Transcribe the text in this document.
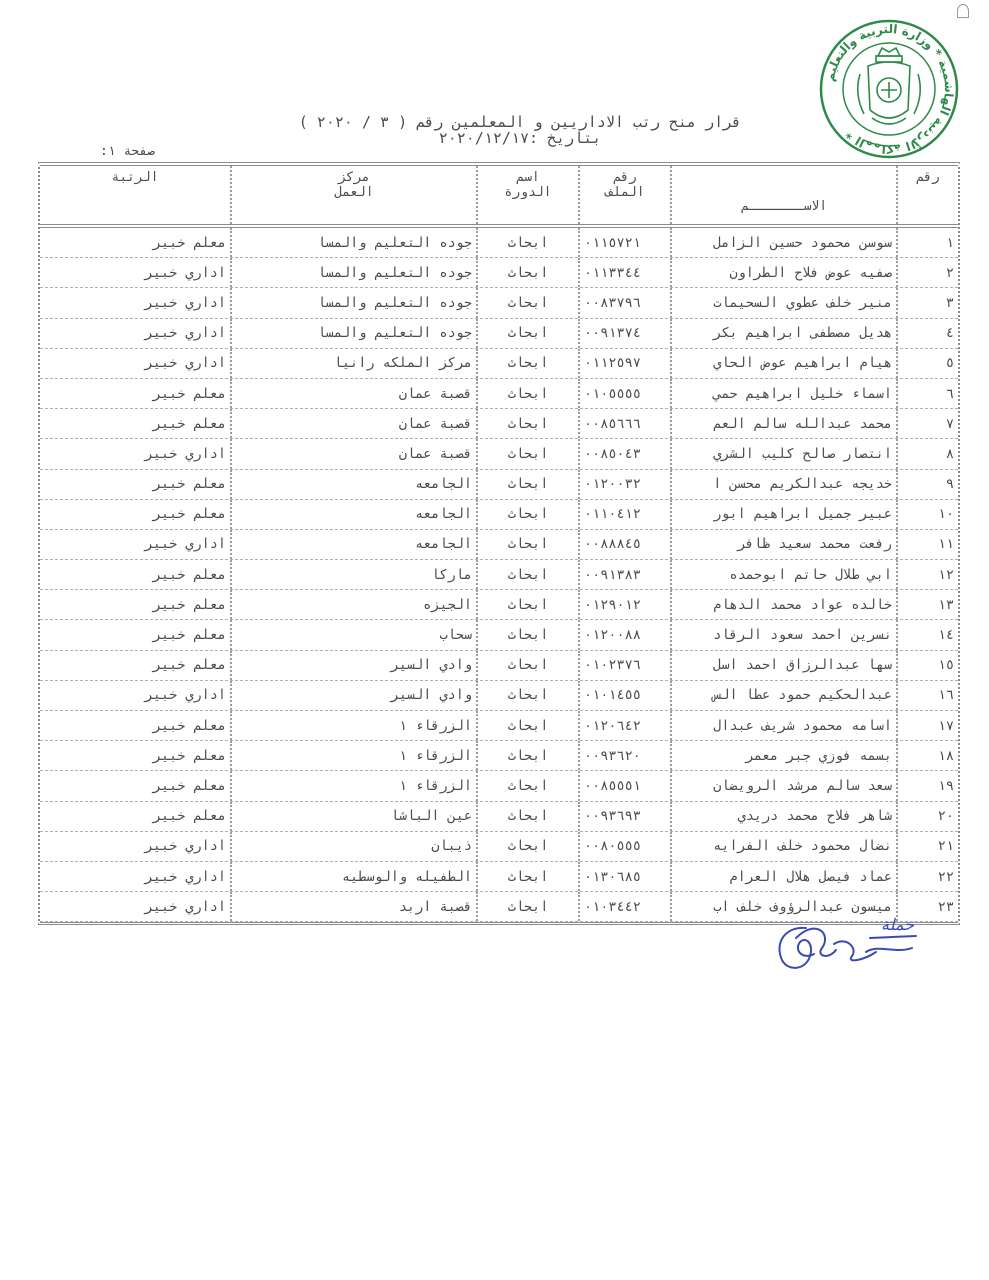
المملكة الأردنية الهاشمية * وزارة التربية والتعليم *
قرار منح رتب الاداريين و المعلمين رقم ( ٣ / ٢٠٢٠ )
بتاريخ :٢٠٢٠/١٢/١٧
صفحة ١:
رقم
الاســـــــم
رقم
الملف
اسم
الدورة
مركز
العمل
الرتبة
١
سوسن محمود حسين الزامل
٠١١٥٧٢١
ابحاث
جوده التعليم والمسا
معلم خبير
٢
صفيه عوض فلاح الطراون
٠١١٣٣٤٤
ابحاث
جوده التعليم والمسا
اداري خبير
٣
منير خلف عطوي السحيمات
٠٠٨٣٧٩٦
ابحاث
جوده التعليم والمسا
اداري خبير
٤
هديل مصطفى ابراهيم بكر
٠٠٩١٣٧٤
ابحاث
جوده التعليم والمسا
اداري خبير
٥
هيام ابراهيم عوض الحاي
٠١١٢٥٩٧
ابحاث
مركز الملكه رانيا
اداري خبير
٦
اسماء خليل ابراهيم حمي
٠١٠٥٥٥٥
ابحاث
قصبة عمان
معلم خبير
٧
محمد عبدالله سالم العم
٠٠٨٥٦٦٦
ابحاث
قصبة عمان
معلم خبير
٨
انتصار صالح كليب الشري
٠٠٨٥٠٤٣
ابحاث
قصبة عمان
اداري خبير
٩
خديجه عبدالكريم محسن ا
٠١٢٠٠٣٢
ابحاث
الجامعه
معلم خبير
١٠
عبير جميل ابراهيم ابور
٠١١٠٤١٢
ابحاث
الجامعه
معلم خبير
١١
رفعت محمد سعيد ظافر
٠٠٨٨٨٤٥
ابحاث
الجامعه
اداري خبير
١٢
ابي طلال حاتم ابوحمده
٠٠٩١٣٨٣
ابحاث
ماركا
معلم خبير
١٣
خالده عواد محمد الدهام
٠١٢٩٠١٢
ابحاث
الجيزه
معلم خبير
١٤
نسرين احمد سعود الرقاد
٠١٢٠٠٨٨
ابحاث
سحاب
معلم خبير
١٥
سها عبدالرزاق احمد اسل
٠١٠٢٣٧٦
ابحاث
وادي السير
معلم خبير
١٦
عبدالحكيم حمود عطا الس
٠١٠١٤٥٥
ابحاث
وادي السير
اداري خبير
١٧
اسامه محمود شريف عبدال
٠١٢٠٦٤٢
ابحاث
الزرقاء ١
معلم خبير
١٨
بسمه فوزي جبر معمر
٠٠٩٣٦٢٠
ابحاث
الزرقاء ١
معلم خبير
١٩
سعد سالم مرشد الرويضان
٠٠٨٥٥٥١
ابحاث
الزرقاء ١
معلم خبير
٢٠
شاهر فلاح محمد دريدي
٠٠٩٣٦٩٣
ابحاث
عين الباشا
معلم خبير
٢١
نضال محمود خلف الفرايه
٠٠٨٠٥٥٥
ابحاث
ذيبان
اداري خبير
٢٢
عماد فيصل هلال العرام
٠١٣٠٦٨٥
ابحاث
الطفيله والوسطيه
اداري خبير
٢٣
ميسون عبدالرؤوف خلف اب
٠١٠٣٤٤٢
ابحاث
قصبة اربد
اداري خبير
حملة
